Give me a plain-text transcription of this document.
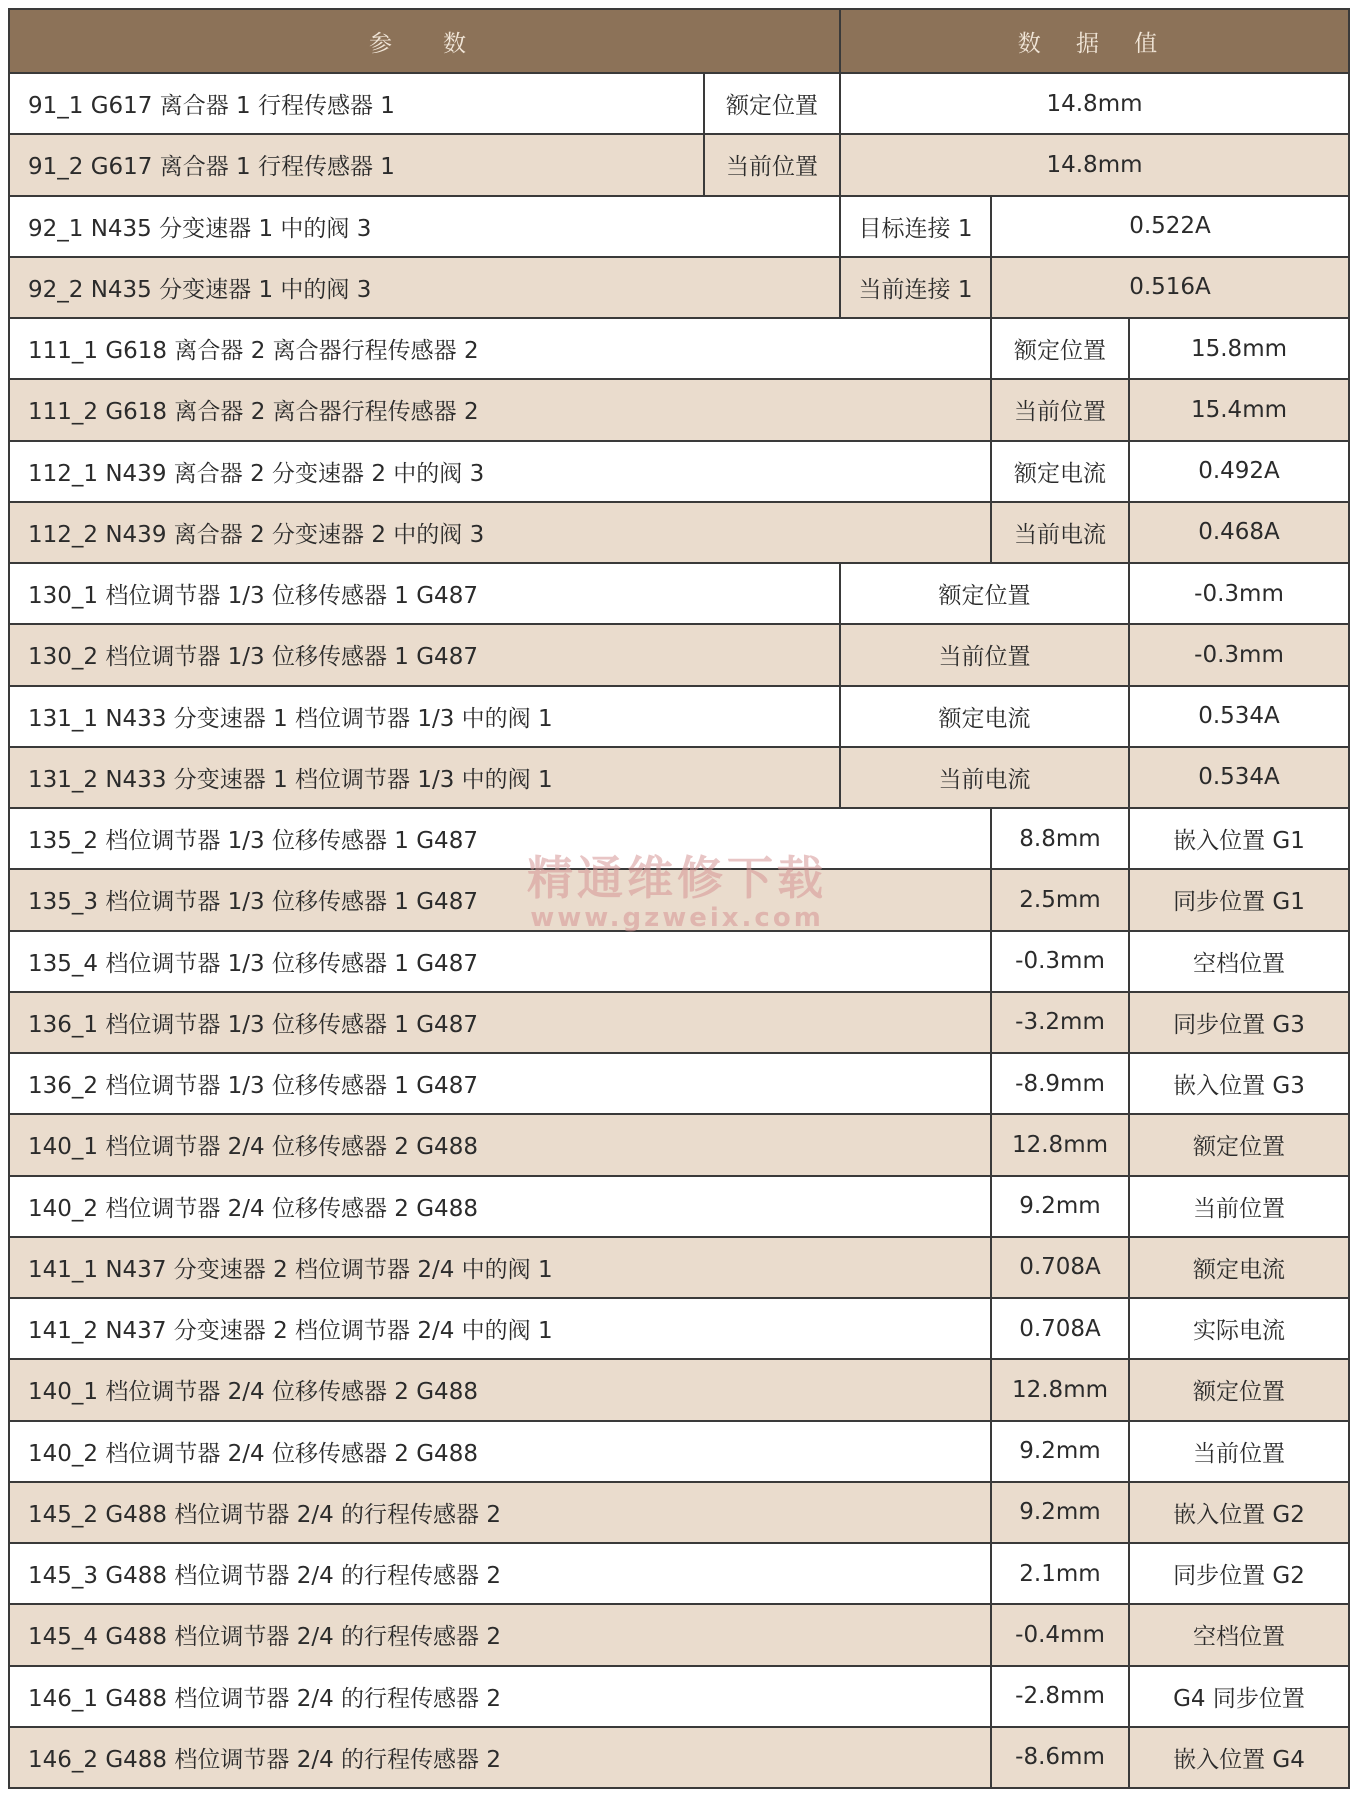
参　数		数 据 值		
91_1 G617 离合器 1 行程传感器 1	额定位置	14.8mm		
91_2 G617 离合器 1 行程传感器 1	当前位置	14.8mm		
92_1 N435 分变速器 1 中的阀 3		目标连接 1	0.522A	
92_2 N435 分变速器 1 中的阀 3		当前连接 1	0.516A	
111_1 G618 离合器 2 离合器行程传感器 2			额定位置	15.8mm
111_2 G618 离合器 2 离合器行程传感器 2			当前位置	15.4mm
112_1 N439 离合器 2 分变速器 2 中的阀 3			额定电流	0.492A
112_2 N439 离合器 2 分变速器 2 中的阀 3			当前电流	0.468A
130_1 档位调节器 1/3 位移传感器 1 G487		额定位置		-0.3mm
130_2 档位调节器 1/3 位移传感器 1 G487		当前位置		-0.3mm
131_1 N433 分变速器 1 档位调节器 1/3 中的阀 1		额定电流		0.534A
131_2 N433 分变速器 1 档位调节器 1/3 中的阀 1		当前电流		0.534A
135_2 档位调节器 1/3 位移传感器 1 G487			8.8mm	嵌入位置 G1
135_3 档位调节器 1/3 位移传感器 1 G487			2.5mm	同步位置 G1
135_4 档位调节器 1/3 位移传感器 1 G487			-0.3mm	空档位置
136_1 档位调节器 1/3 位移传感器 1 G487			-3.2mm	同步位置 G3
136_2 档位调节器 1/3 位移传感器 1 G487			-8.9mm	嵌入位置 G3
140_1 档位调节器 2/4 位移传感器 2 G488			12.8mm	额定位置
140_2 档位调节器 2/4 位移传感器 2 G488			9.2mm	当前位置
141_1 N437 分变速器 2 档位调节器 2/4 中的阀 1			0.708A	额定电流
141_2 N437 分变速器 2 档位调节器 2/4 中的阀 1			0.708A	实际电流
140_1 档位调节器 2/4 位移传感器 2 G488			12.8mm	额定位置
140_2 档位调节器 2/4 位移传感器 2 G488			9.2mm	当前位置
145_2 G488 档位调节器 2/4 的行程传感器 2			9.2mm	嵌入位置 G2
145_3 G488 档位调节器 2/4 的行程传感器 2			2.1mm	同步位置 G2
145_4 G488 档位调节器 2/4 的行程传感器 2			-0.4mm	空档位置
146_1 G488 档位调节器 2/4 的行程传感器 2			-2.8mm	G4 同步位置
146_2 G488 档位调节器 2/4 的行程传感器 2			-8.6mm	嵌入位置 G4
精通维修下载
www.gzweix.com
